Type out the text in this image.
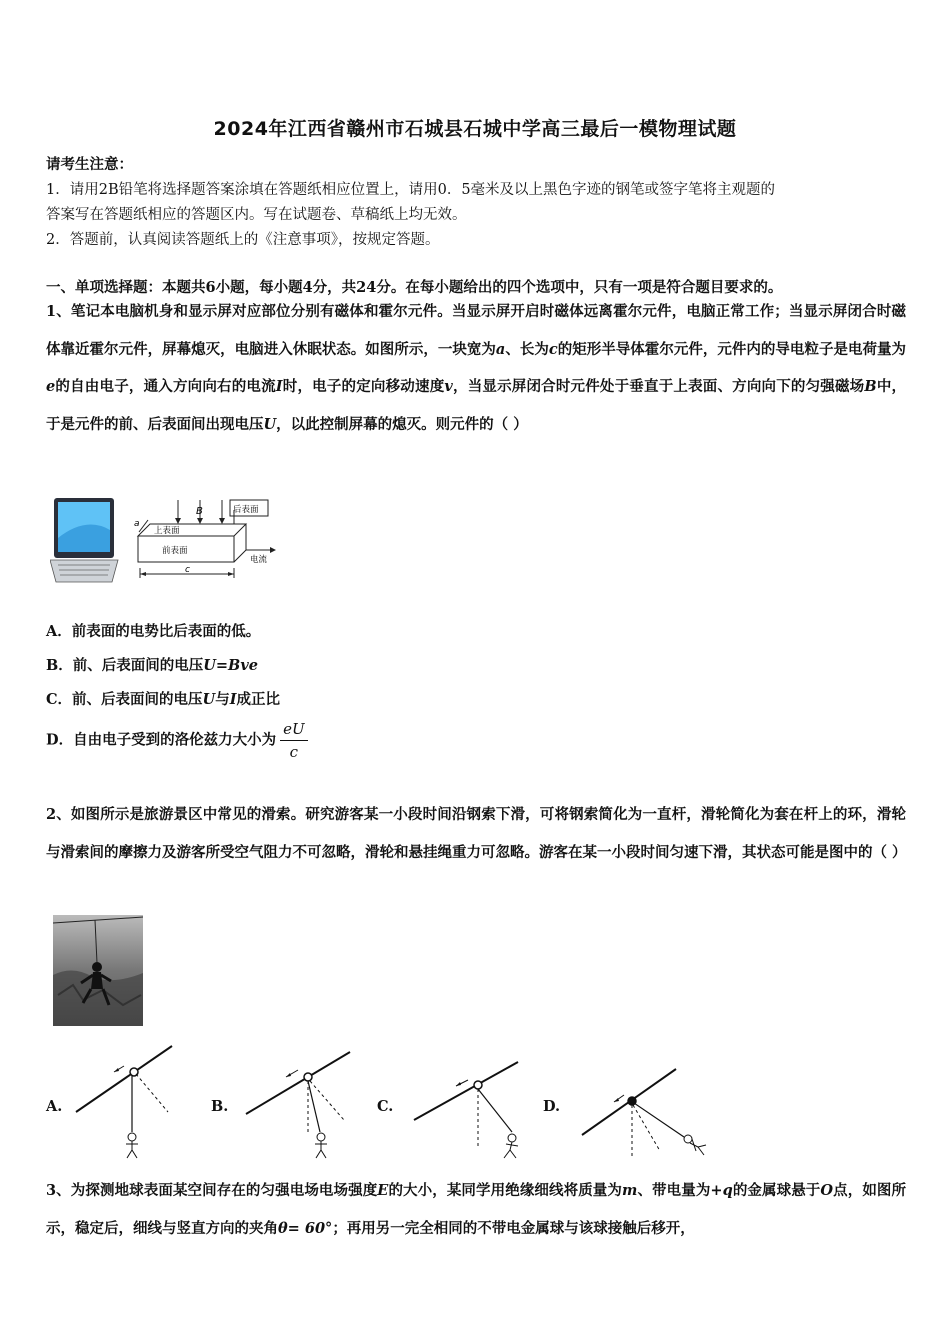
2024年江西省赣州市石城县石城中学高三最后一模物理试题
请考生注意：
1．请用2B铅笔将选择题答案涂填在答题纸相应位置上，请用0．5毫米及以上黑色字迹的钢笔或签字笔将主观题的
答案写在答题纸相应的答题区内。写在试题卷、草稿纸上均无效。
2．答题前，认真阅读答题纸上的《注意事项》，按规定答题。
一、单项选择题：本题共6小题，每小题4分，共24分。在每小题给出的四个选项中，只有一项是符合题目要求的。
1、笔记本电脑机身和显示屏对应部位分别有磁体和霍尔元件。当显示屏开启时磁体远离霍尔元件，电脑正常工作；当显示屏闭合时磁体靠近霍尔元件，屏幕熄灭，电脑进入休眠状态。如图所示，一块宽为a、长为c的矩形半导体霍尔元件，元件内的导电粒子是电荷量为e的自由电子，通入方向向右的电流I时，电子的定向移动速度v，当显示屏闭合时元件处于垂直于上表面、方向向下的匀强磁场B中，于是元件的前、后表面间出现电压U，以此控制屏幕的熄灭。则元件的（ ）
B	后表面
上表面
前表面
电流
a
c
A．前表面的电势比后表面的低。
B．前、后表面间的电压U=Bve
C．前、后表面间的电压U与I成正比
D．自由电子受到的洛伦兹力大小为 $\frac{eU}{c}$
2、如图所示是旅游景区中常见的滑索。研究游客某一小段时间沿钢索下滑，可将钢索简化为一直杆，滑轮简化为套在杆上的环，滑轮与滑索间的摩擦力及游客所受空气阻力不可忽略，滑轮和悬挂绳重力可忽略。游客在某一小段时间匀速下滑，其状态可能是图中的（ ）
A.	B.	C.	D.
3、为探测地球表面某空间存在的匀强电场电场强度E的大小，某同学用绝缘细线将质量为m、带电量为+q的金属球悬于O点，如图所示，稳定后，细线与竖直方向的夹角θ= 60°；再用另一完全相同的不带电金属球与该球接触后移开，
